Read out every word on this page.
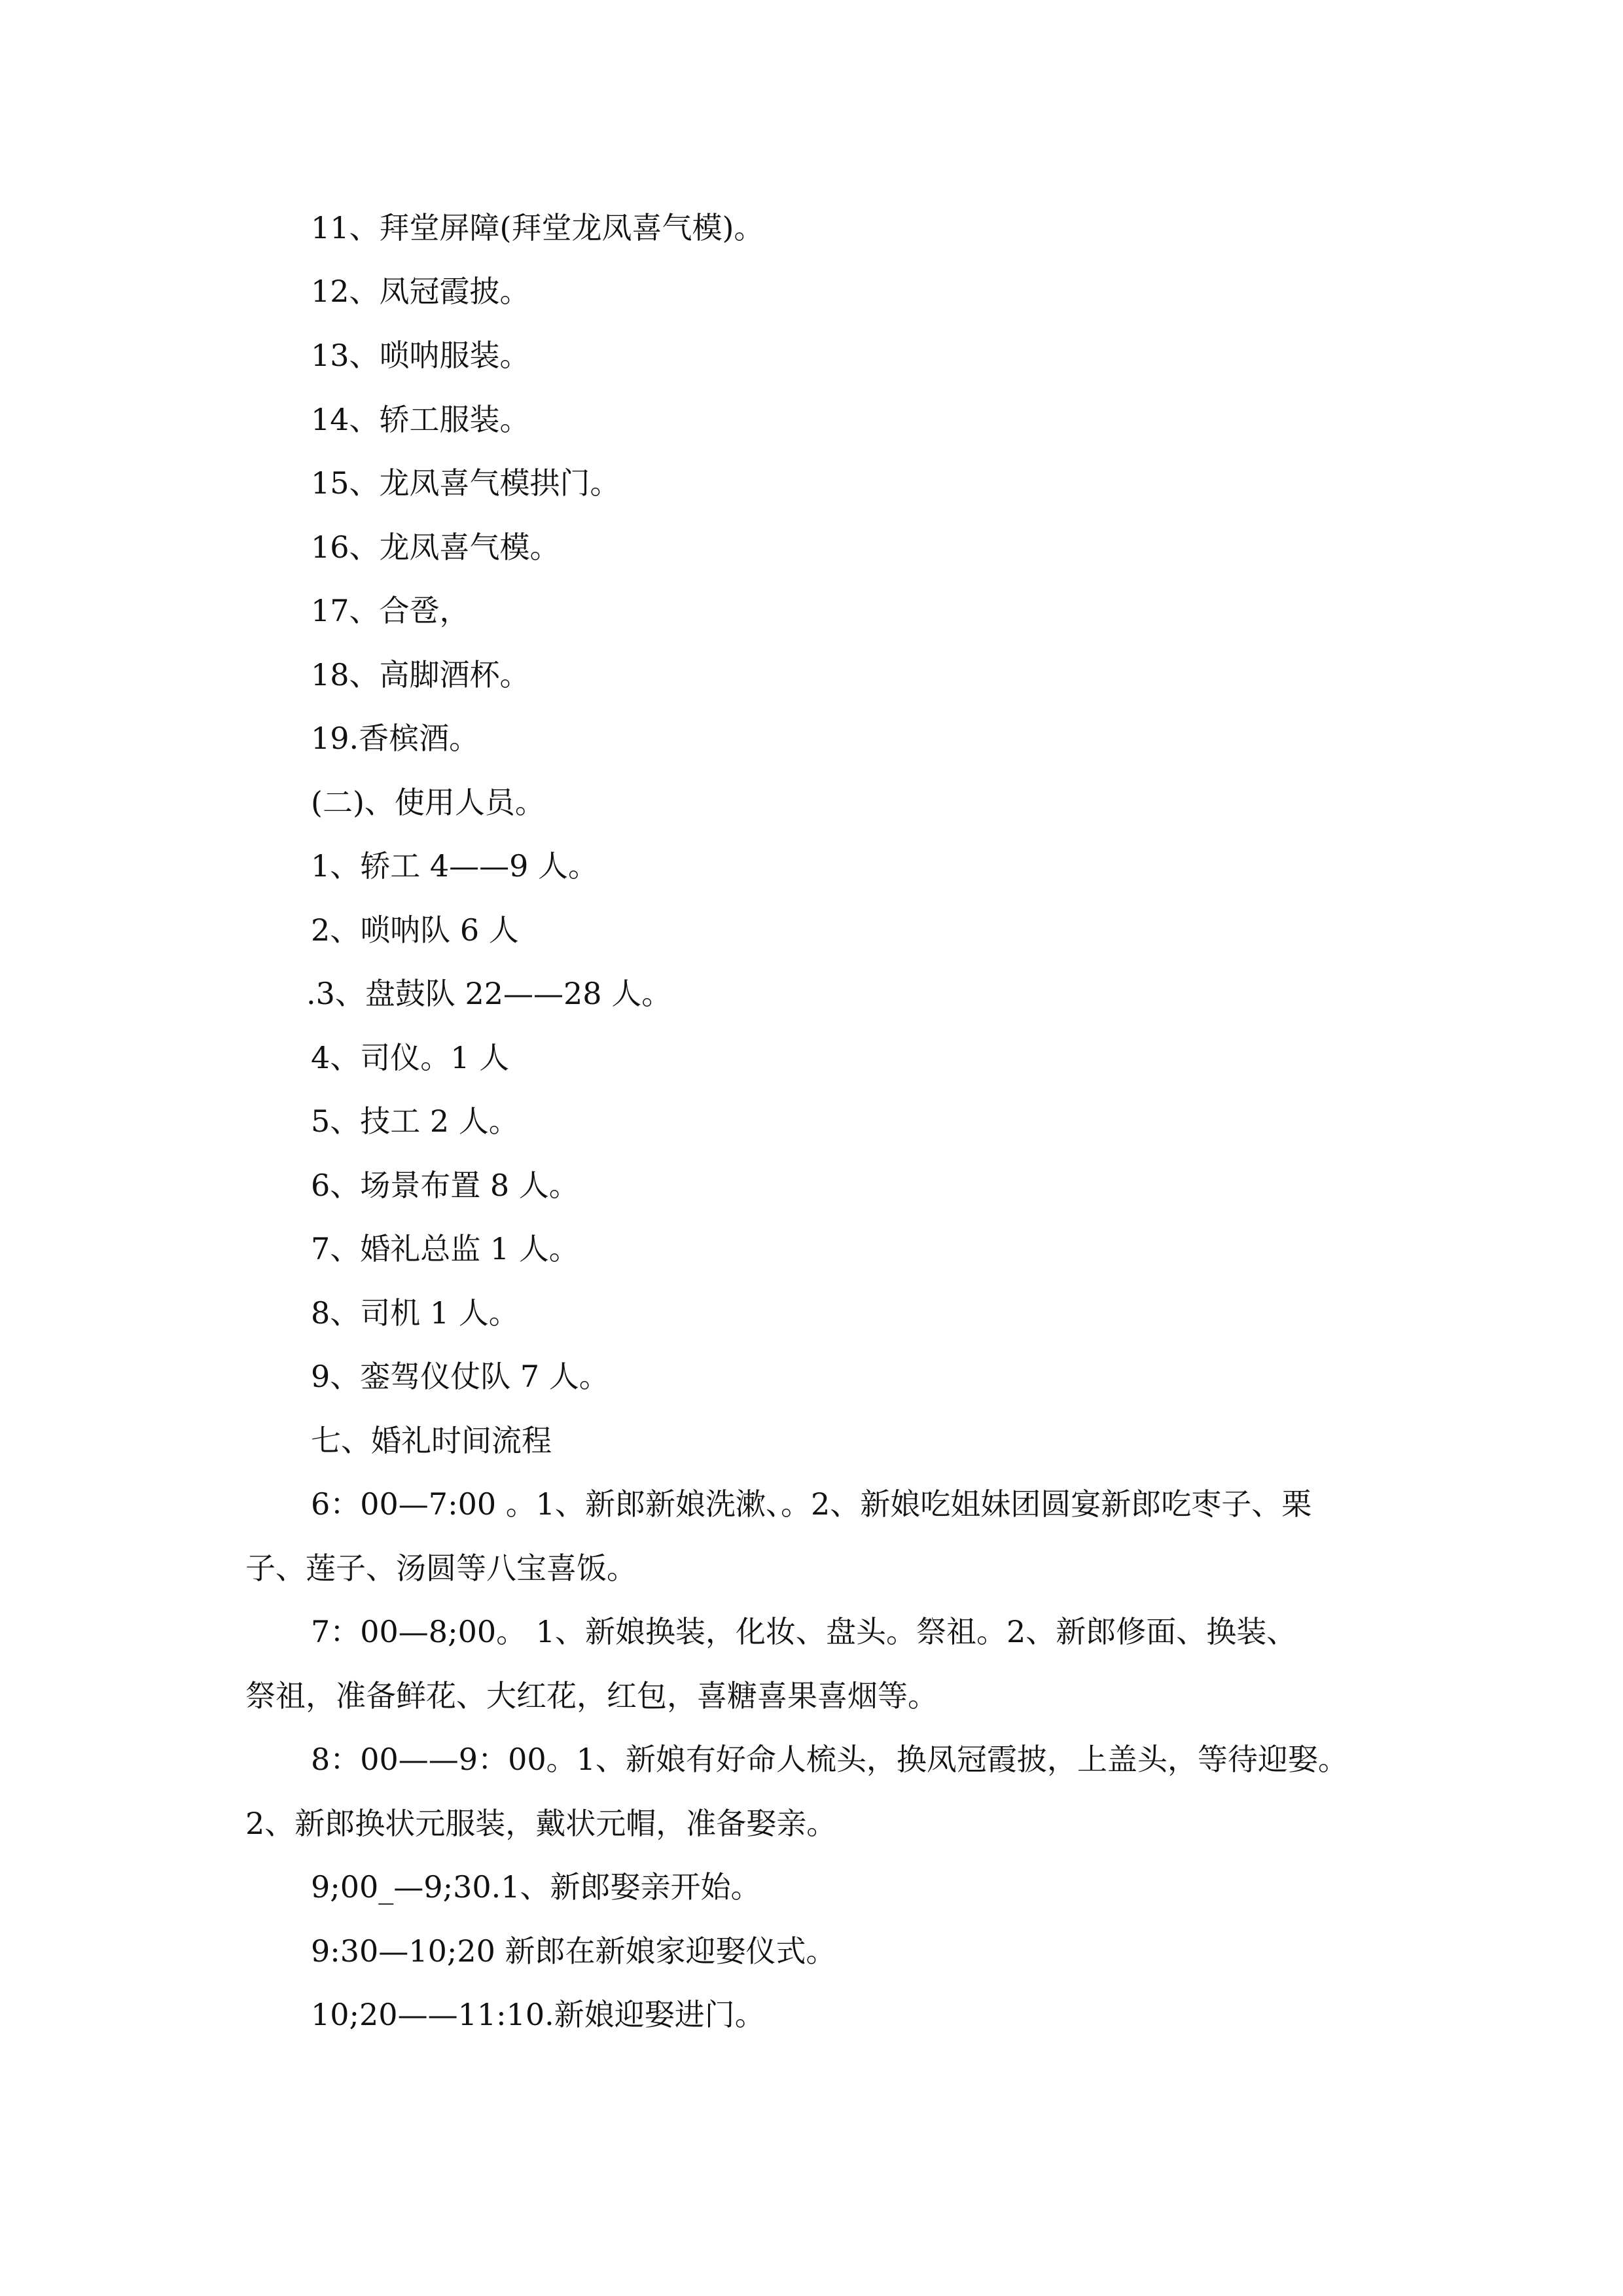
11、拜堂屏障(拜堂龙凤喜气模)。
12、凤冠霞披。
13、唢呐服装。
14、轿工服装。
15、龙凤喜气模拱门。
16、龙凤喜气模。
17、合卺，
18、高脚酒杯。
19.香槟酒。
(二)、使用人员。
1、轿工 4——9 人。
2、唢呐队 6 人
.3、盘鼓队 22——28 人。
4、司仪。1 人
5、技工 2 人。
6、场景布置 8 人。
7、婚礼总监 1 人。
8、司机 1 人。
9、銮驾仪仗队 7 人。
七、婚礼时间流程
6：00—7:00 。1、新郎新娘洗漱、。2、新娘吃姐妹团圆宴新郎吃枣子、栗
子、莲子、汤圆等八宝喜饭。
7：00—8;00。 1、新娘换装，化妆、盘头。祭祖。2、新郎修面、换装、
祭祖，准备鲜花、大红花，红包，喜糖喜果喜烟等。
8：00——9：00。1、新娘有好命人梳头，换凤冠霞披，上盖头，等待迎娶。
2、新郎换状元服装，戴状元帽，准备娶亲。
9;00_—9;30.1、新郎娶亲开始。
9:30—10;20 新郎在新娘家迎娶仪式。
10;20——11:10.新娘迎娶进门。
